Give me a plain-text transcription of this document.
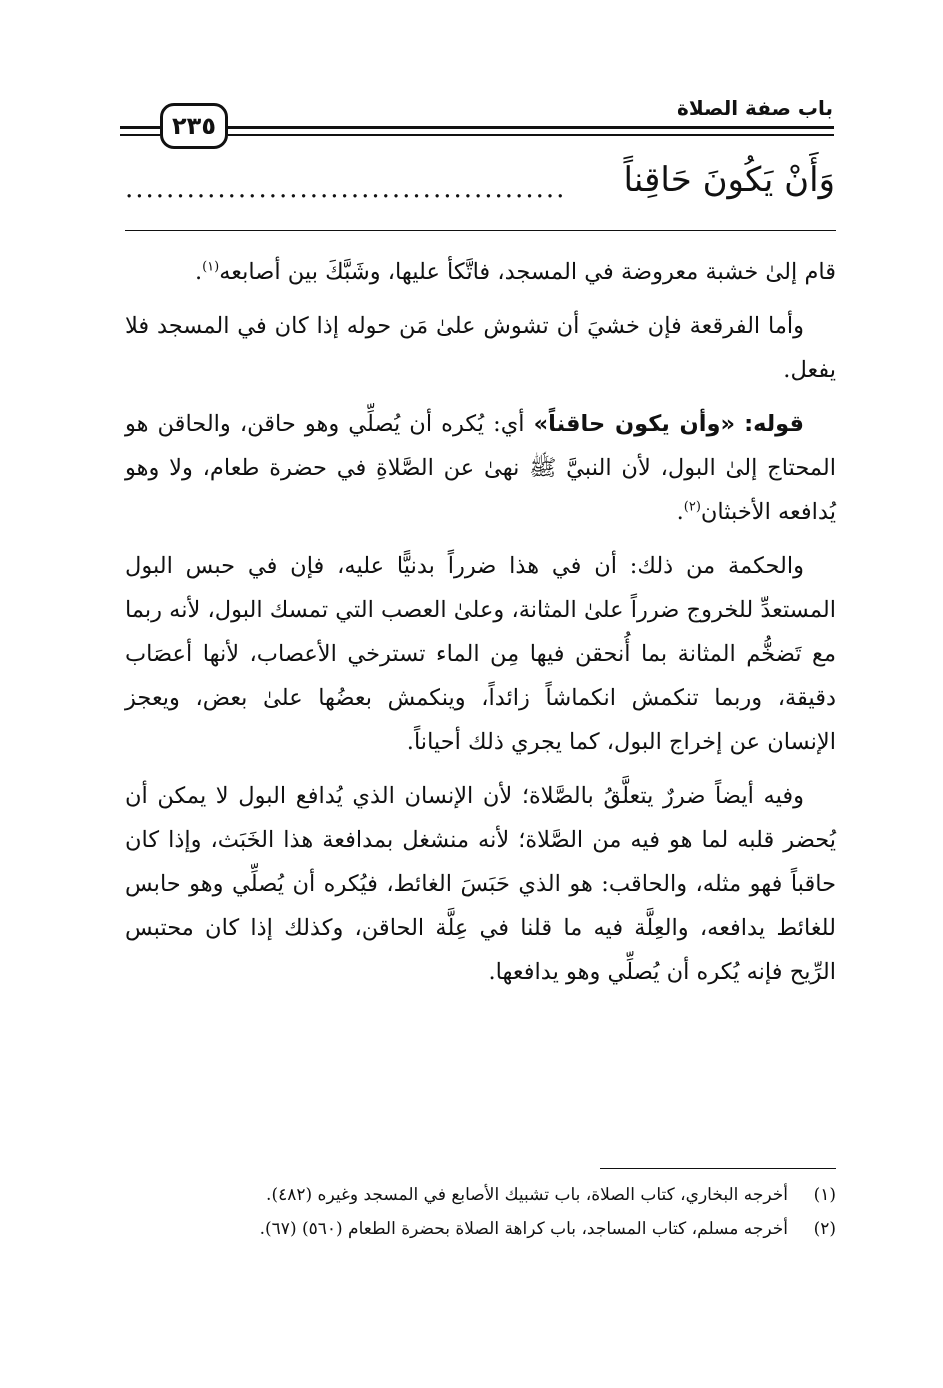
باب صفة الصلاة
٢٣٥
وَأَنْ يَكُونَ حَاقِناً
...........................................

قام إلىٰ خشبة معروضة في المسجد، فاتَّكأ عليها، وشَبَّكَ بين أصابعه$^{(١)}$.

وأما الفرقعة فإن خشيَ أن تشوش علىٰ مَن حوله إذا كان في المسجد فلا يفعل.

قوله: «وأن يكون حاقناً» أي: يُكره أن يُصلِّي وهو حاقن، والحاقن هو المحتاج إلىٰ البول، لأن النبيَّ ﷺ نهىٰ عن الصَّلاةِ في حضرة طعام، ولا وهو يُدافعه الأخبثان$^{(٢)}$.

والحكمة من ذلك: أن في هذا ضرراً بدنيًّا عليه، فإن في حبس البول المستعدِّ للخروج ضرراً علىٰ المثانة، وعلىٰ العصب التي تمسك البول، لأنه ربما مع تَضخُّم المثانة بما أُنحقن فيها مِن الماء تسترخي الأعصاب، لأنها أعصَاب دقيقة، وربما تنكمش انكماشاً زائداً، وينكمش بعضُها علىٰ بعض، ويعجز الإنسان عن إخراج البول، كما يجري ذلك أحياناً.

وفيه أيضاً ضررٌ يتعلَّقُ بالصَّلاة؛ لأن الإنسان الذي يُدافع البول لا يمكن أن يُحضر قلبه لما هو فيه من الصَّلاة؛ لأنه منشغل بمدافعة هذا الخَبَث، وإذا كان حاقباً فهو مثله، والحاقب: هو الذي حَبَسَ الغائط، فيُكره أن يُصلِّي وهو حابس للغائط يدافعه، والعِلَّة فيه ما قلنا في عِلَّة الحاقن، وكذلك إذا كان محتبس الرِّيح فإنه يُكره أن يُصلِّي وهو يدافعها.

(١)
أخرجه البخاري، كتاب الصلاة، باب تشبيك الأصابع في المسجد وغيره (٤٨٢).
(٢)
أخرجه مسلم، كتاب المساجد، باب كراهة الصلاة بحضرة الطعام (٥٦٠) (٦٧).
